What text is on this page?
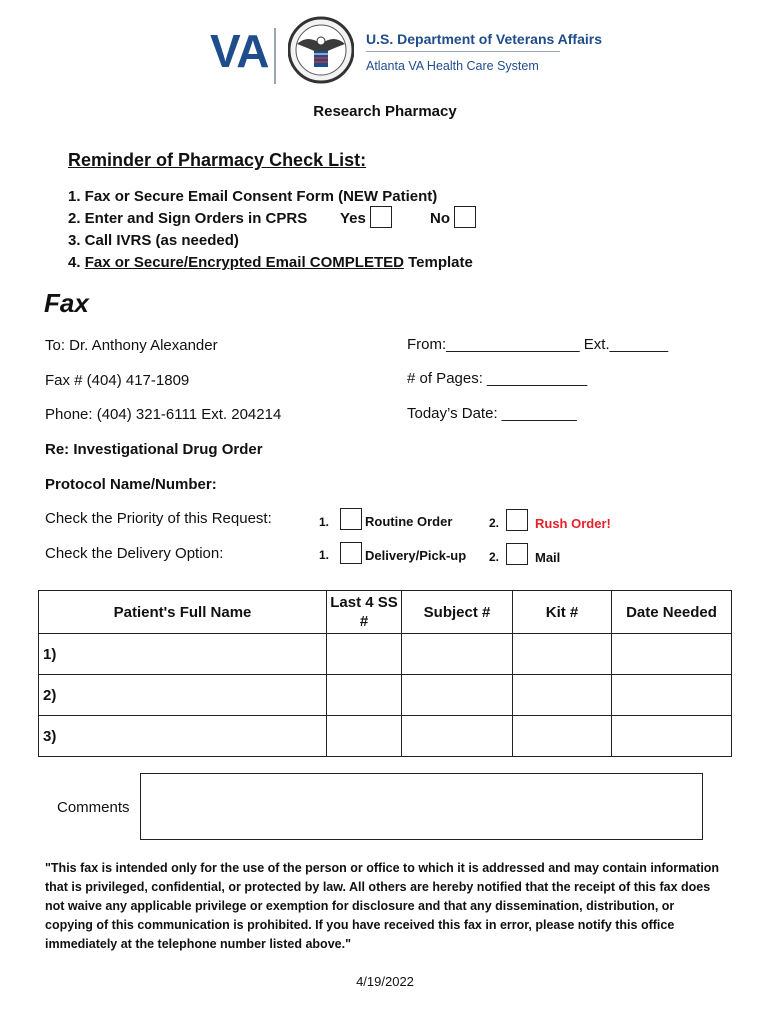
VA	U.S. Department of Veterans Affairs
Atlanta VA Health Care System
Research Pharmacy
Reminder of Pharmacy Check List:
1. Fax or Secure Email Consent Form (NEW Patient)
2. Enter and Sign Orders in CPRS Yes	No
3. Call IVRS (as needed)
4. Fax or Secure/Encrypted Email COMPLETED Template
Fax
To: Dr. Anthony Alexander
Fax # (404) 417-1809
Phone: (404) 321-6111 Ext. 204214
From:________________ Ext._______
# of Pages: ____________
Today’s Date: _________
Re: Investigational Drug Order
Protocol Name/Number:
Check the Priority of this Request:	1.	Routine Order	2.	Rush Order!
Check the Delivery Option:	1.	Delivery/Pick-up 2.	Mail
Patient's Full Name	Last 4 SS #	Subject #	Kit #	Date Needed
1)				
2)				
3)				
Comments
"This fax is intended only for the use of the person or office to which it is addressed and may contain information that is privileged, confidential, or protected by law. All others are hereby notified that the receipt of this fax does not waive any applicable privilege or exemption for disclosure and that any dissemination, distribution, or copying of this communication is prohibited. If you have received this fax in error, please notify this office immediately at the telephone number listed above."
4/19/2022
